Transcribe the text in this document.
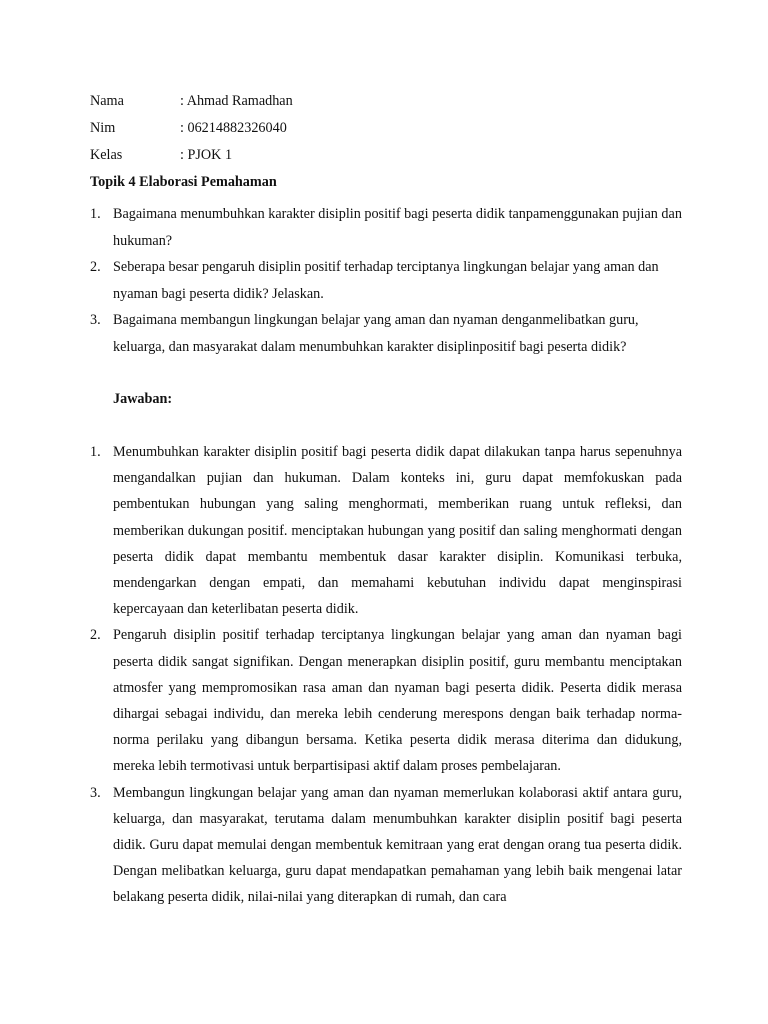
Nama	: Ahmad Ramadhan
Nim	: 06214882326040
Kelas	: PJOK 1
Topik 4 Elaborasi Pemahaman
1. Bagaimana menumbuhkan karakter disiplin positif bagi peserta didik tanpamenggunakan pujian dan hukuman?
2. Seberapa besar pengaruh disiplin positif terhadap terciptanya lingkungan belajar yang aman dan nyaman bagi peserta didik? Jelaskan.
3. Bagaimana membangun lingkungan belajar yang aman dan nyaman denganmelibatkan guru, keluarga, dan masyarakat dalam menumbuhkan karakter disiplinpositif bagi peserta didik?
Jawaban:
1. Menumbuhkan karakter disiplin positif bagi peserta didik dapat dilakukan tanpa harus sepenuhnya mengandalkan pujian dan hukuman. Dalam konteks ini, guru dapat memfokuskan pada pembentukan hubungan yang saling menghormati, memberikan ruang untuk refleksi, dan memberikan dukungan positif. menciptakan hubungan yang positif dan saling menghormati dengan peserta didik dapat membantu membentuk dasar karakter disiplin. Komunikasi terbuka, mendengarkan dengan empati, dan memahami kebutuhan individu dapat menginspirasi kepercayaan dan keterlibatan peserta didik.
2. Pengaruh disiplin positif terhadap terciptanya lingkungan belajar yang aman dan nyaman bagi peserta didik sangat signifikan. Dengan menerapkan disiplin positif, guru membantu menciptakan atmosfer yang mempromosikan rasa aman dan nyaman bagi peserta didik. Peserta didik merasa dihargai sebagai individu, dan mereka lebih cenderung merespons dengan baik terhadap norma-norma perilaku yang dibangun bersama. Ketika peserta didik merasa diterima dan didukung, mereka lebih termotivasi untuk berpartisipasi aktif dalam proses pembelajaran.
3. Membangun lingkungan belajar yang aman dan nyaman memerlukan kolaborasi aktif antara guru, keluarga, dan masyarakat, terutama dalam menumbuhkan karakter disiplin positif bagi peserta didik. Guru dapat memulai dengan membentuk kemitraan yang erat dengan orang tua peserta didik. Dengan melibatkan keluarga, guru dapat mendapatkan pemahaman yang lebih baik mengenai latar belakang peserta didik, nilai-nilai yang diterapkan di rumah, dan cara
